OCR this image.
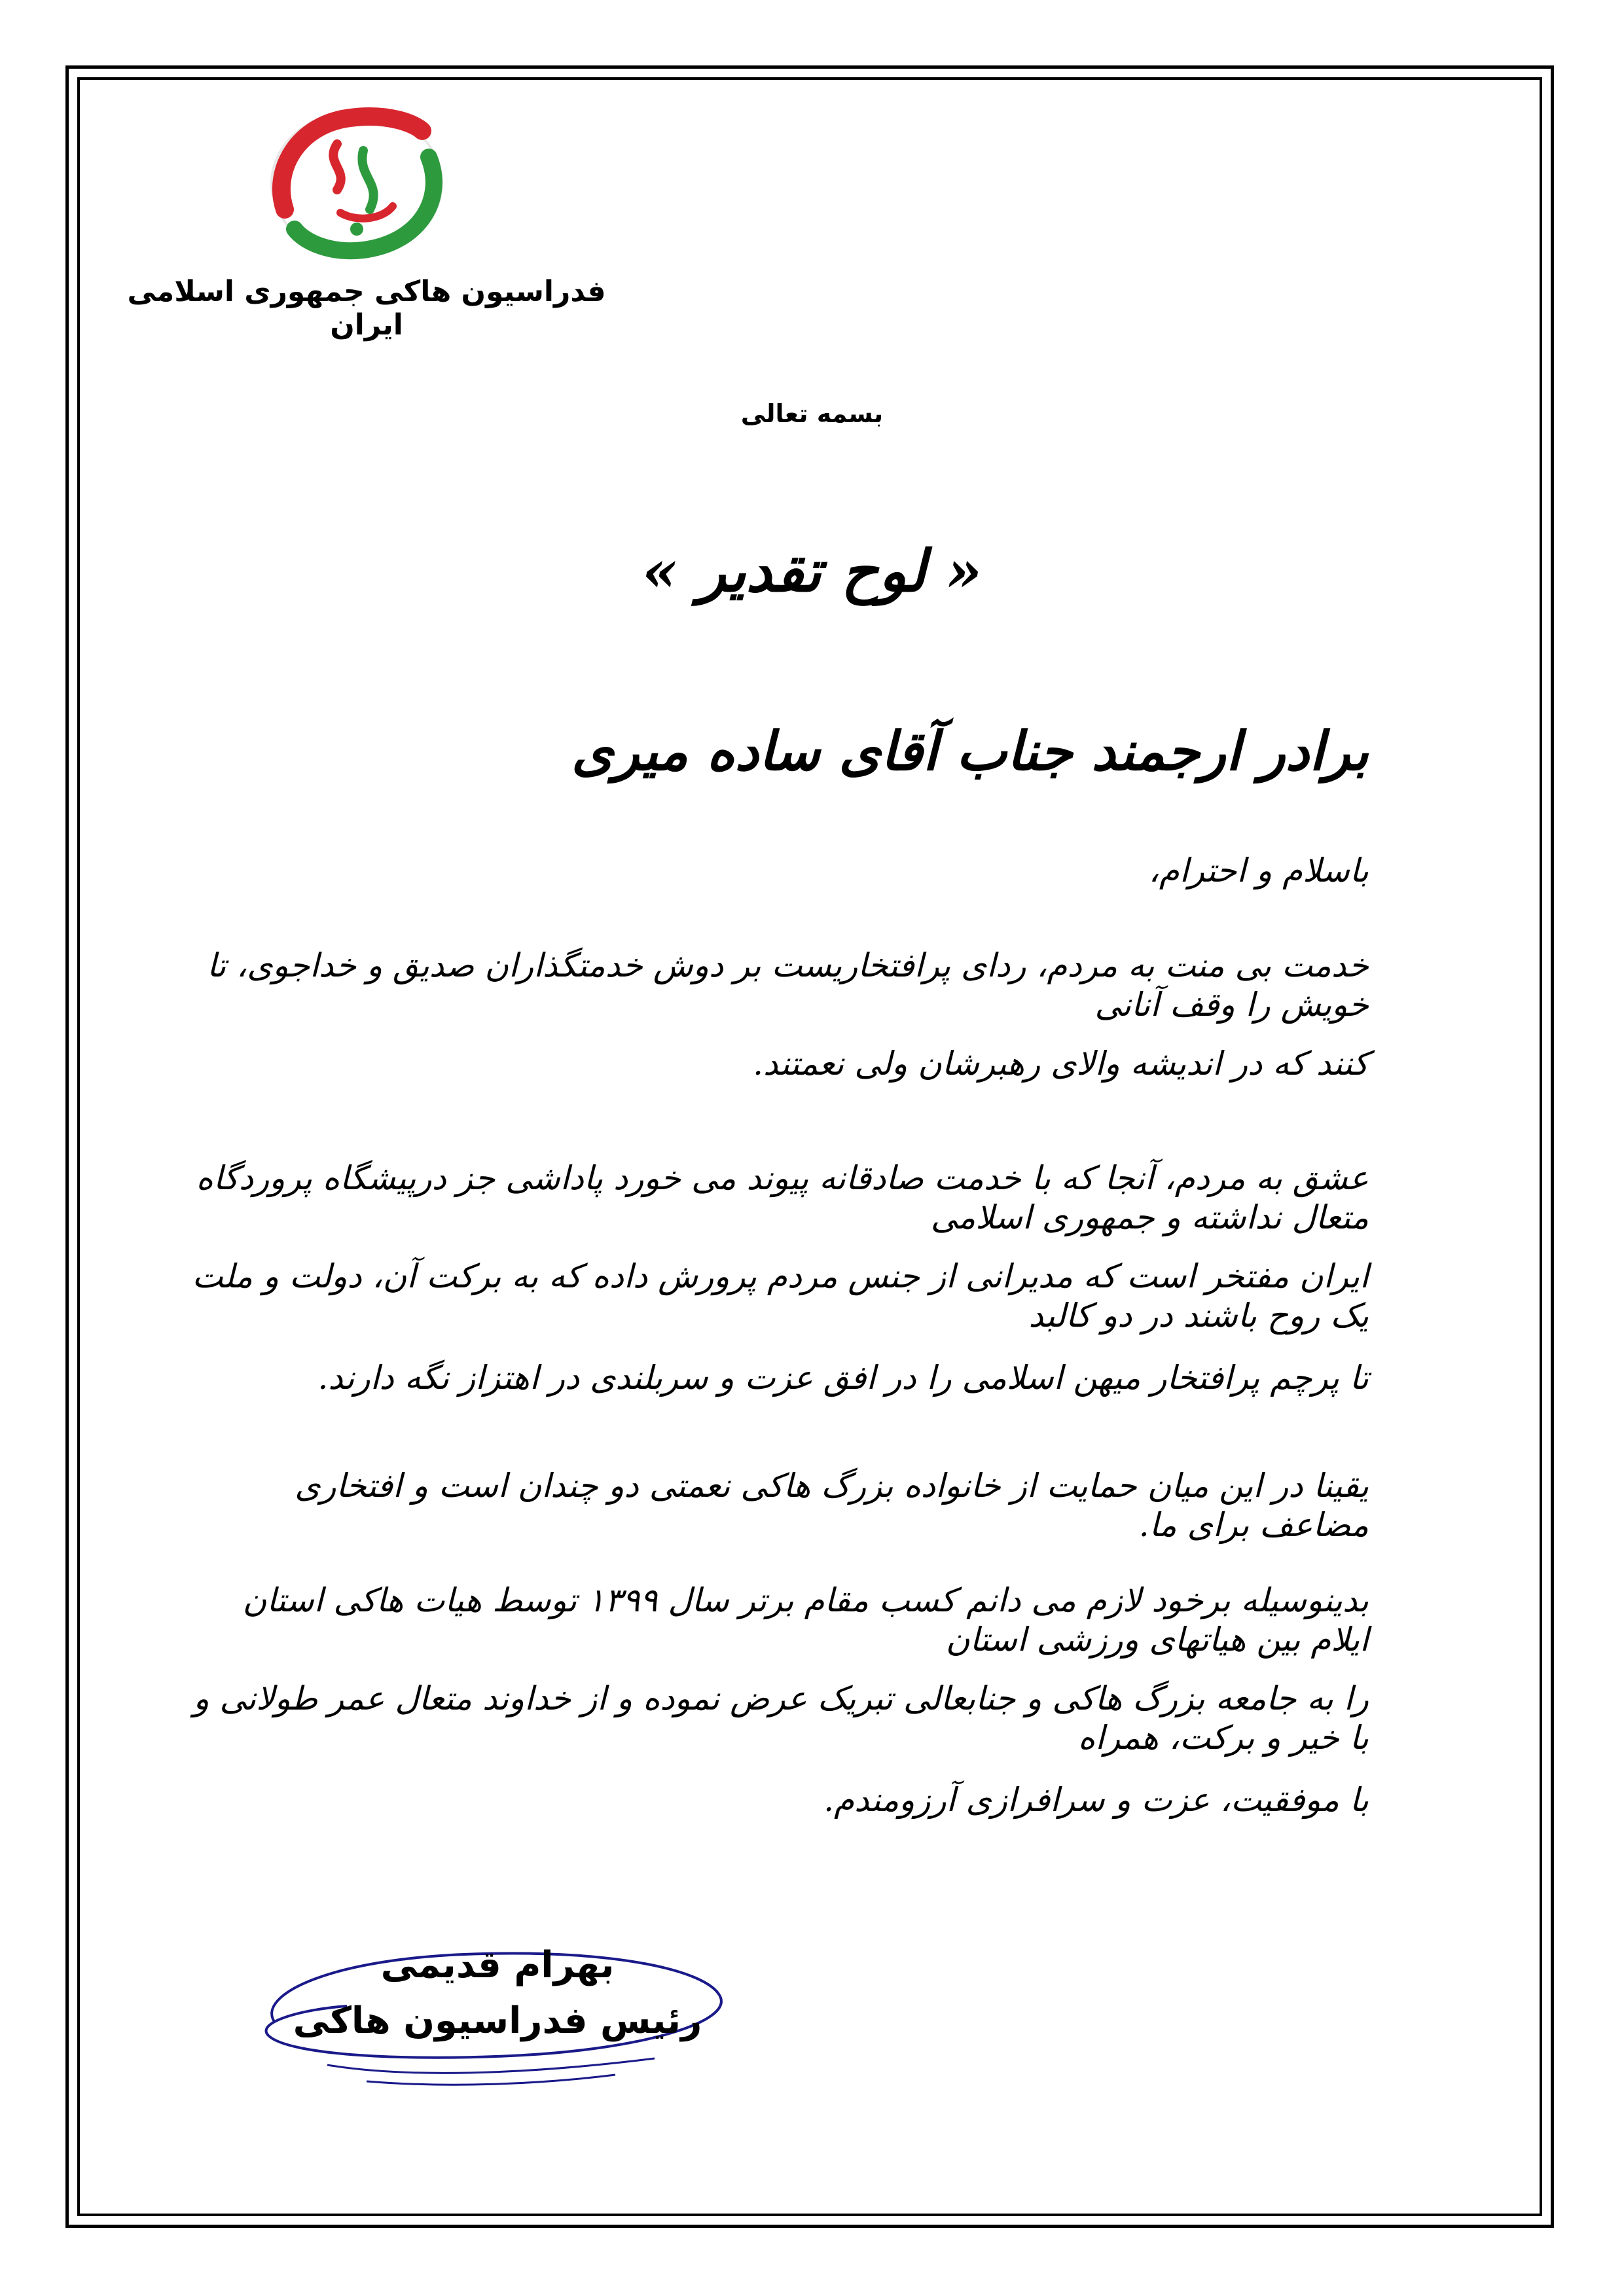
فدراسیون هاکی جمهوری اسلامی ایران
بسمه تعالی
« لوح تقدیر »
برادر ارجمند جناب آقای ساده میری
باسلام و احترام،
خدمت بی منت به مردم، ردای پرافتخاریست بر دوش خدمتگذاران صدیق و خداجوی، تا خویش را وقف آنانی
کنند که در اندیشه والای رهبرشان ولی نعمتند.
عشق به مردم، آنجا که با خدمت صادقانه پیوند می خورد پاداشی جز درپیشگاه پروردگاه متعال نداشته و جمهوری اسلامی
ایران مفتخر است که مدیرانی از جنس مردم پرورش داده که به برکت آن، دولت و ملت یک روح باشند در دو کالبد
تا پرچم پرافتخار میهن اسلامی را در افق عزت و سربلندی در اهتزاز نگه دارند.
یقینا در این میان حمایت از خانواده بزرگ هاکی نعمتی دو چندان است و افتخاری مضاعف برای ما.
بدینوسیله برخود لازم می دانم کسب مقام برتر سال ۱۳۹۹ توسط هیات هاکی استان ایلام بین هیاتهای ورزشی استان
را به جامعه بزرگ هاکی و جنابعالی تبریک عرض نموده و از خداوند متعال عمر طولانی و با خیر و برکت، همراه
با موفقیت، عزت و سرافرازی آرزومندم.
بهرام قدیمی
رئیس فدراسیون هاکی
